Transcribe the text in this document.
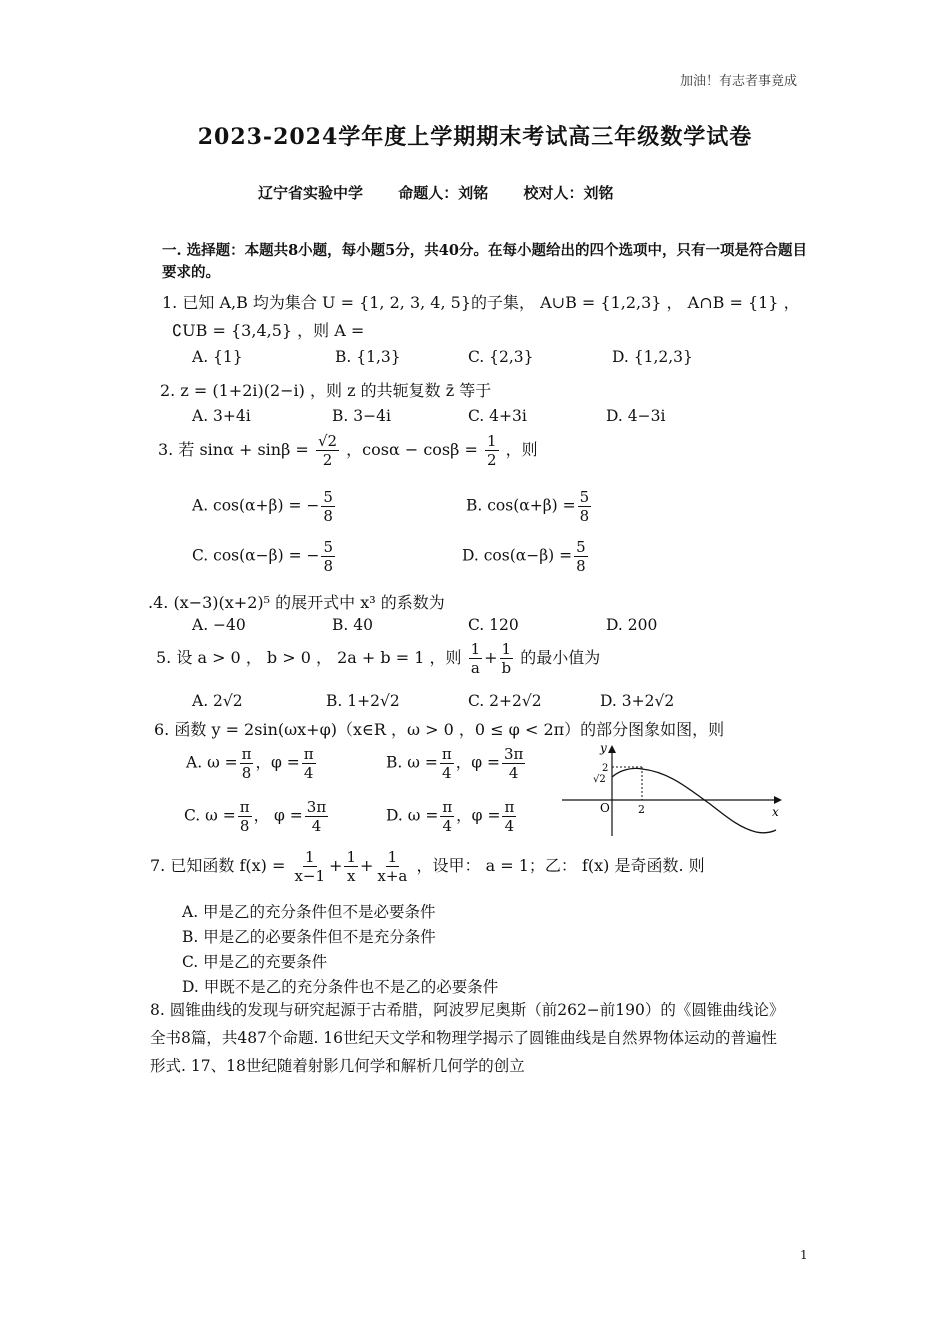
加油！有志者事竟成
2023-2024学年度上学期期末考试高三年级数学试卷
辽宁省实验中学 命题人：刘铭 校对人：刘铭
一. 选择题：本题共8小题，每小题5分，共40分。在每小题给出的四个选项中，只有一项是符合题目要求的。
1. 已知 A,B 均为集合 U = {1, 2, 3, 4, 5}的子集， A∪B = {1,2,3} ， A∩B = {1} ，
∁UB = {3,4,5} ，则 A =
A. {1}	B. {1,3}	C. {2,3}	D. {1,2,3}
2. z = (1+2i)(2−i) ，则 z 的共轭复数 z̄ 等于
A. 3+4i	B. 3−4i	C. 4+3i	D. 4−3i
3. 若 $\sin\alpha + \sin\beta = \frac{√2}{2}$ ，$\cos\alpha - \cos\beta = \frac{1}{2}$ ，则
A. cos(α+β) = − $\frac{5}{8}$	B. $\cos(\alpha+\beta) = \frac{5}{8}$
C. cos(α−β) = − $\frac{5}{8}$	D. $\cos(\alpha-\beta) = \frac{5}{8}$
.4. (x−3)(x+2)⁵ 的展开式中 x³ 的系数为
A. −40	B. 40	C. 120	D. 200
5. 设 a > 0 ， b > 0 ， 2a + b = 1 ，则 $\frac{1}{a} + \frac{1}{b}$ 的最小值为
A. 2√2	B. 1+2√2	C. 2+2√2	D. 3+2√2
6. 函数 y = 2sin(ωx+φ)（x∈R ，ω > 0 ，0 ≤ φ < 2π）的部分图象如图，则
A. $\omega = \frac{\pi}{8}$ ，$\varphi = \frac{\pi}{4}$	B. $\omega = \frac{\pi}{4}$ ，$\varphi = \frac{3\pi}{4}$
C. $\omega = \frac{\pi}{8}$ ， $\varphi = \frac{3\pi}{4}$	D. $\omega = \frac{\pi}{4}$ ，$\varphi = \frac{\pi}{4}$
y
x
O
2
√2
2
7. 已知函数 $f(x) = \frac{1}{x-1} + \frac{1}{x} + \frac{1}{x+a}$ ，设甲： a = 1；乙： f(x) 是奇函数. 则
A. 甲是乙的充分条件但不是必要条件
B. 甲是乙的必要条件但不是充分条件
C. 甲是乙的充要条件
D. 甲既不是乙的充分条件也不是乙的必要条件
8. 圆锥曲线的发现与研究起源于古希腊，阿波罗尼奥斯（前262−前190）的《圆锥曲线论》全书8篇，共487个命题. 16世纪天文学和物理学揭示了圆锥曲线是自然界物体运动的普遍性形式. 17、18世纪随着射影几何学和解析几何学的创立
1
